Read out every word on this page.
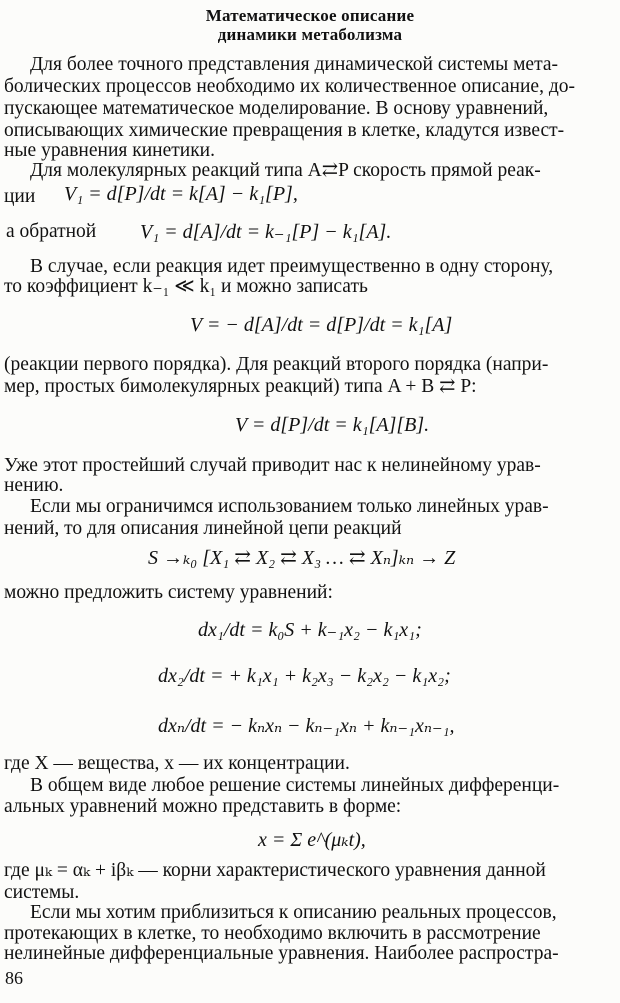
Математическое описание
динамики метаболизма
Для более точного представления динамической системы мета-
болических процессов необходимо их количественное описание, до-
пускающее математическое моделирование. В основу уравнений,
описывающих химические превращения в клетке, кладутся извест-
ные уравнения кинетики.
Для молекулярных реакций типа A⇄P скорость прямой реак-
ции V₁ = d[P]/dt = k[A] − k₁[P],
а обратной V₁ = d[A]/dt = k₋₁[P] − k₁[A].
В случае, если реакция идет преимущественно в одну сторону,
то коэффициент k₋₁ ≪ k₁ и можно записать
V = − d[A]/dt = d[P]/dt = k₁[A]
(реакции первого порядка). Для реакций второго порядка (напри-
мер, простых бимолекулярных реакций) типа A + B ⇄ P:
V = d[P]/dt = k₁[A][B].
Уже этот простейший случай приводит нас к нелинейному урав-
нению.
Если мы ограничимся использованием только линейных урав-
нений, то для описания линейной цепи реакций
S →ₖ₀ [X₁ ⇄ X₂ ⇄ X₃ … ⇄ Xₙ]ₖₙ → Z
можно предложить систему уравнений:
dx₁/dt = k₀S + k₋₁x₂ − k₁x₁;
dx₂/dt = + k₁x₁ + k₂x₃ − k₂x₂ − k₁x₂;
dxₙ/dt = − kₙxₙ − kₙ₋₁xₙ + kₙ₋₁xₙ₋₁,
где X — вещества, x — их концентрации.
В общем виде любое решение системы линейных дифференци-
альных уравнений можно представить в форме:
x = Σ e^(μₖt),
где μₖ = αₖ + iβₖ — корни характеристического уравнения данной
системы.
Если мы хотим приблизиться к описанию реальных процессов,
протекающих в клетке, то необходимо включить в рассмотрение
нелинейные дифференциальные уравнения. Наиболее распростра-
86
